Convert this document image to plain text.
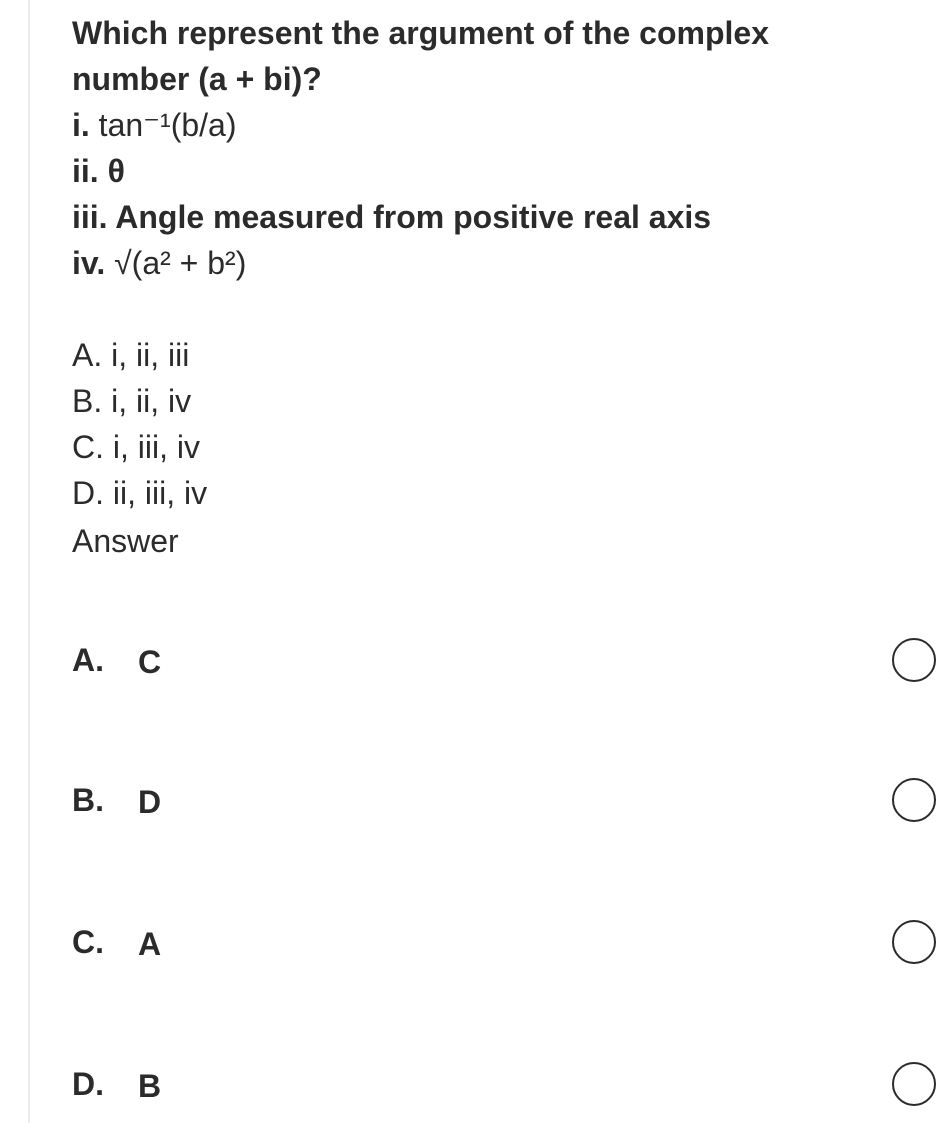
Which represent the argument of the complex
number (a + bi)?
i. tan⁻¹(b/a)
ii. θ
iii. Angle measured from positive real axis
iv. √(a² + b²)
A. i, ii, iii
B. i, ii, iv
C. i, iii, iv
D. ii, iii, iv
Answer
A. C
B. D
C. A
D. B
